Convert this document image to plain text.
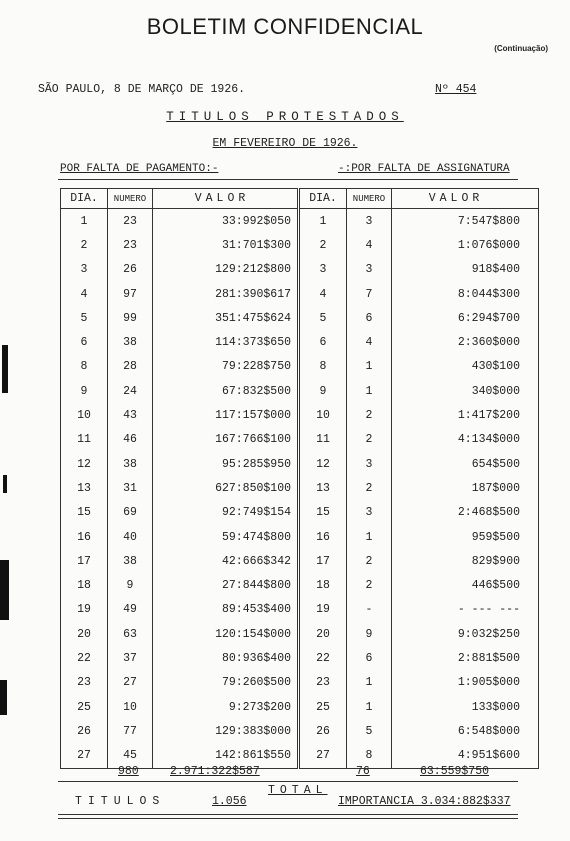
BOLETIM CONFIDENCIAL
(Continuação)
SÃO PAULO, 8 DE MARÇO DE 1926.	Nº 454
TITULOS PROTESTADOS
EM FEVEREIRO DE 1926.
POR FALTA DE PAGAMENTO:-	-:POR FALTA DE ASSIGNATURA
DIA.	NUMERO	VALOR	DIA.	NUMERO	VALOR
1	23	33:992$050	1	3	7:547$800
2	23	31:701$300	2	4	1:076$000
3	26	129:212$800	3	3	918$400
4	97	281:390$617	4	7	8:044$300
5	99	351:475$624	5	6	6:294$700
6	38	114:373$650	6	4	2:360$000
8	28	79:228$750	8	1	430$100
9	24	67:832$500	9	1	340$000
10	43	117:157$000	10	2	1:417$200
11	46	167:766$100	11	2	4:134$000
12	38	95:285$950	12	3	654$500
13	31	627:850$100	13	2	187$000
15	69	92:749$154	15	3	2:468$500
16	40	59:474$800	16	1	959$500
17	38	42:666$342	17	2	829$900
18	9	27:844$800	18	2	446$500
19	49	89:453$400	19	-	- --- ---
20	63	120:154$000	20	9	9:032$250
22	37	80:936$400	22	6	2:881$500
23	27	79:260$500	23	1	1:905$000
25	10	9:273$200	25	1	133$000
26	77	129:383$000	26	5	6:548$000
27	45	142:861$550	27	8	4:951$600
980	2.971:322$587	76	63:559$750
TOTAL
TITULOS	1.056	IMPORTANCIA 3.034:882$337
